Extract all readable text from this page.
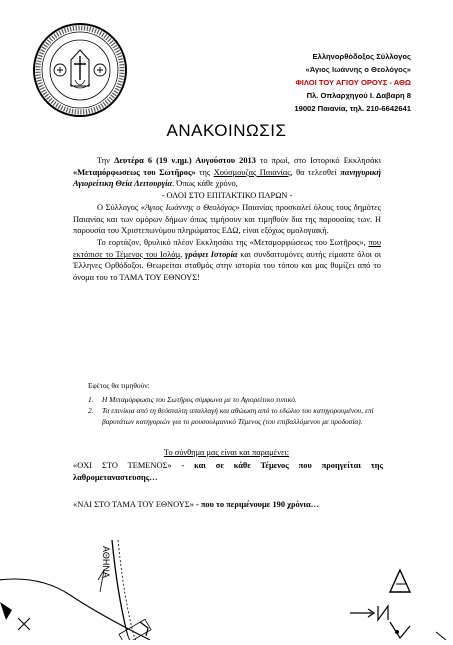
Ελληνορθόδοξος Σύλλογος
«Άγιος Ιωάννης ο Θεολόγος»
ΦΙΛΟΙ ΤΟΥ ΑΓΙΟΥ ΟΡΟΥΣ - ΑΘΩ
Πλ. Οπλαρχηγού Ι. Δαβαρη 8
19002 Παιανία, τηλ. 210-6642641
ΑΝΑΚΟΙΝΩΣΙΣ

Την Δευτέρα 6 (19 ν.ημ.) Αυγούστου 2013 το πρωί, στο Ιστορικό Εκκλησάκι «Μεταμόρφωσεως του Σωτῆρος» της Χούσμουζας Παιανίας, θα τελεσθεί πανηγυρική Αγιορείτικη Θεία Λειτουργία. Όπως κάθε χρόνο,

- ΟΛΟΙ ΣΤΟ ΕΠΙΤΑΚΤΙΚΟ ΠΑΡΩΝ -

Ο Σύλλογος «Άγιος Ιωάννης ο Θεολόγος» Παιανίας προσκαλεί όλους τους δημότες Παιανίας και των ομόρων δήμων όπως τιμήσουν και τιμηθούν δια της παρουσίας των. Η παρουσία του Χριστεπωνύμου πληρώματος ΕΔΩ, είναι εξόχως ομολογιακή.

Το εορτάζον, θρυλικό πλέον Εκκλησάκι της «Μεταμορφώσεως του Σωτῆρος», που εκτόπισε το Τέμενος του Ισλάμ, γράφει Ιστορία και συνδαιτυμόνες αυτής είμαστε όλοι οι Έλληνες Ορθόδοξοι. Θεωρείται σταθμός στην ιστορία του τόπου και μας θυμίζει από το όνομα του το ΤΑΜΑ ΤΟΥ ΕΘΝΟΥΣ!

Εφέτος θα τιμηθούν:
1.	Η Μεταμόρφωσις του Σωτῆρος σύμφωνα με το Αγιορείτικο τυπικό.
2.	Τα επινίκια από τη θεόσταλτη απαλλαγή και αθώωση από το εδώλιο του κατηγορουμένου, επί βαρυτάτων κατηγοριών για το μουσουλμανικό Τέμενος (του επιβαλλόμενου με προδοσία).
Το σύνθημα μας είναι και παραμένει:
«ΟΧΙ ΣΤΟ ΤΕΜΕΝΟΣ» - και σε κάθε Τέμενος που προηγείται της λαθρομεταναστευσης…
«ΝΑΙ ΣΤΟ ΤΑΜΑ ΤΟΥ ΕΘΝΟΥΣ» - που το περιμένουμε 190 χρόνια…
ΑΘΗΝΑ
